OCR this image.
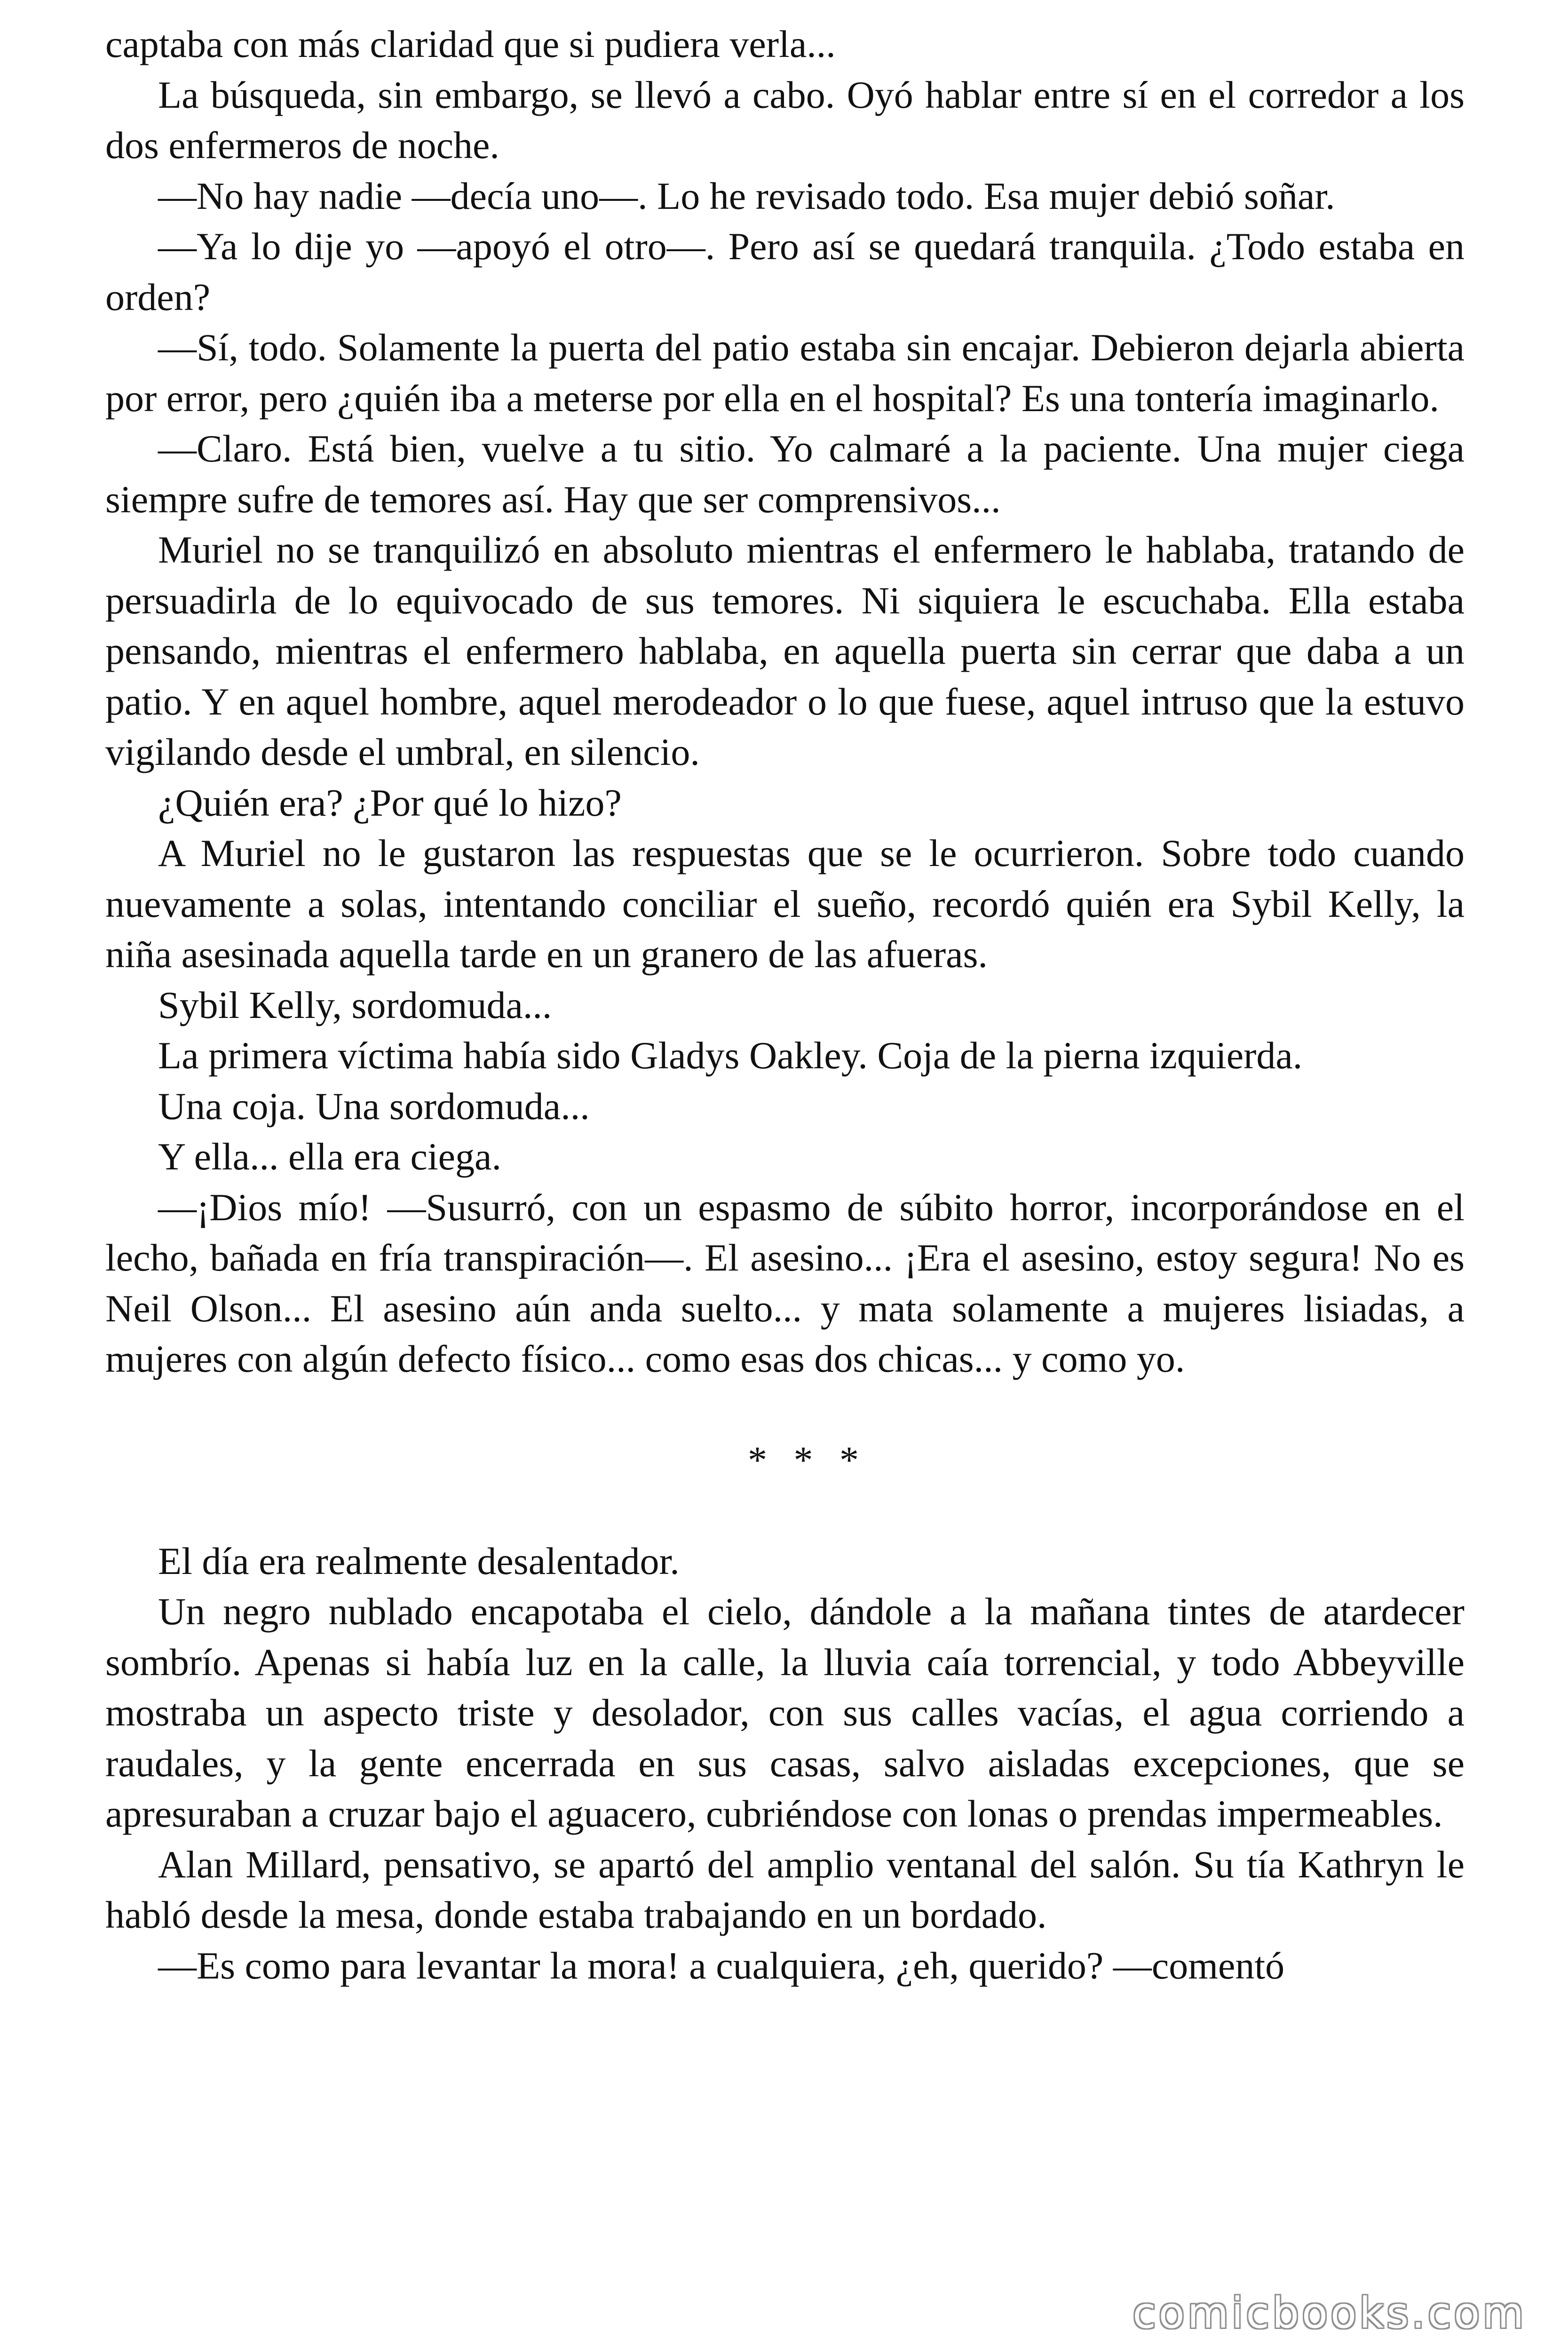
captaba con más claridad que si pudiera verla...

La búsqueda, sin embargo, se llevó a cabo. Oyó hablar entre sí en el corredor a los dos enfermeros de noche.

—No hay nadie —decía uno—. Lo he revisado todo. Esa mujer debió soñar.

—Ya lo dije yo —apoyó el otro—. Pero así se quedará tranquila. ¿Todo estaba en orden?

—Sí, todo. Solamente la puerta del patio estaba sin encajar. Debieron dejarla abierta por error, pero ¿quién iba a meterse por ella en el hospital? Es una tontería imaginarlo.

—Claro. Está bien, vuelve a tu sitio. Yo calmaré a la paciente. Una mujer ciega siempre sufre de temores así. Hay que ser comprensivos...

Muriel no se tranquilizó en absoluto mientras el enfermero le hablaba, tratando de persuadirla de lo equivocado de sus temores. Ni siquiera le escuchaba. Ella estaba pensando, mientras el enfermero hablaba, en aquella puerta sin cerrar que daba a un patio. Y en aquel hombre, aquel merodeador o lo que fuese, aquel intruso que la estuvo vigilando desde el umbral, en silencio.

¿Quién era? ¿Por qué lo hizo?

A Muriel no le gustaron las respuestas que se le ocurrieron. Sobre todo cuando nuevamente a solas, intentando conciliar el sueño, recordó quién era Sybil Kelly, la niña asesinada aquella tarde en un granero de las afueras.

Sybil Kelly, sordomuda...

La primera víctima había sido Gladys Oakley. Coja de la pierna izquierda.

Una coja. Una sordomuda...

Y ella... ella era ciega.

—¡Dios mío! —Susurró, con un espasmo de súbito horror, incorporándose en el lecho, bañada en fría transpiración—. El asesino... ¡Era el asesino, estoy segura! No es Neil Olson... El asesino aún anda suelto... y mata solamente a mujeres lisiadas, a mujeres con algún defecto físico... como esas dos chicas... y como yo.

* * *

El día era realmente desalentador.

Un negro nublado encapotaba el cielo, dándole a la mañana tintes de atardecer sombrío. Apenas si había luz en la calle, la lluvia caía torrencial, y todo Abbeyville mostraba un aspecto triste y desolador, con sus calles vacías, el agua corriendo a raudales, y la gente encerrada en sus casas, salvo aisladas excepciones, que se apresuraban a cruzar bajo el aguacero, cubriéndose con lonas o prendas impermeables.

Alan Millard, pensativo, se apartó del amplio ventanal del salón. Su tía Kathryn le habló desde la mesa, donde estaba trabajando en un bordado.

—Es como para levantar la mora! a cualquiera, ¿eh, querido? —comentó

comicbooks.com
